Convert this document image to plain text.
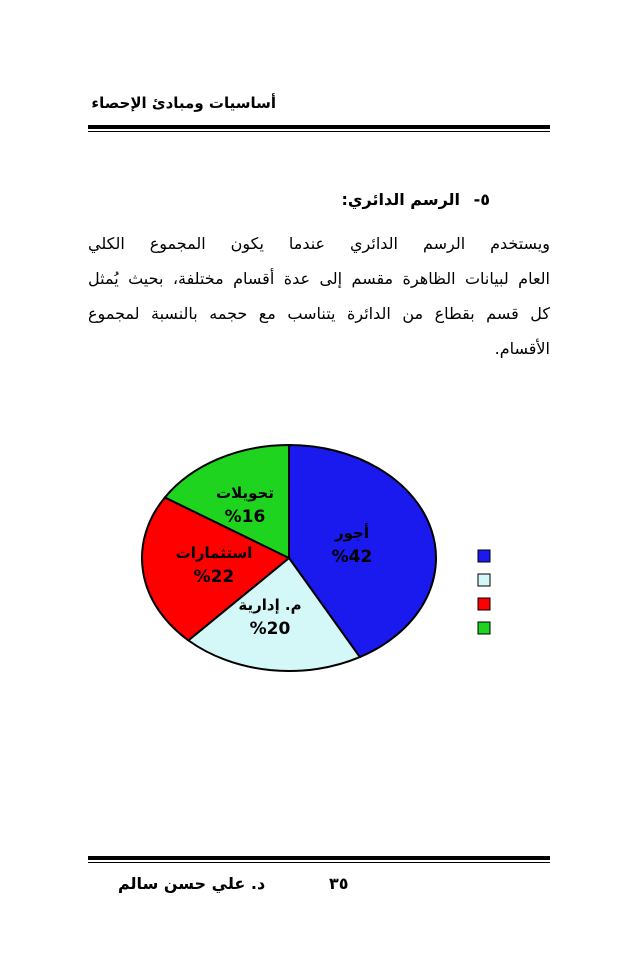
أساسيات ومبادئ الإحصاء
٥- الرسم الدائري:
ويستخدم الرسم الدائري عندما يكون المجموع الكلي
العام لبيانات الظاهرة مقسم إلى عدة أقسام مختلفة، بحيث يُمثل
كل قسم بقطاع من الدائرة يتناسب مع حجمه بالنسبة لمجموع
الأقسام.
أجور
%42
م. إدارية
%20
استثمارات
%22
تحويلات
%16
٣٥
د. علي حسن سالم
